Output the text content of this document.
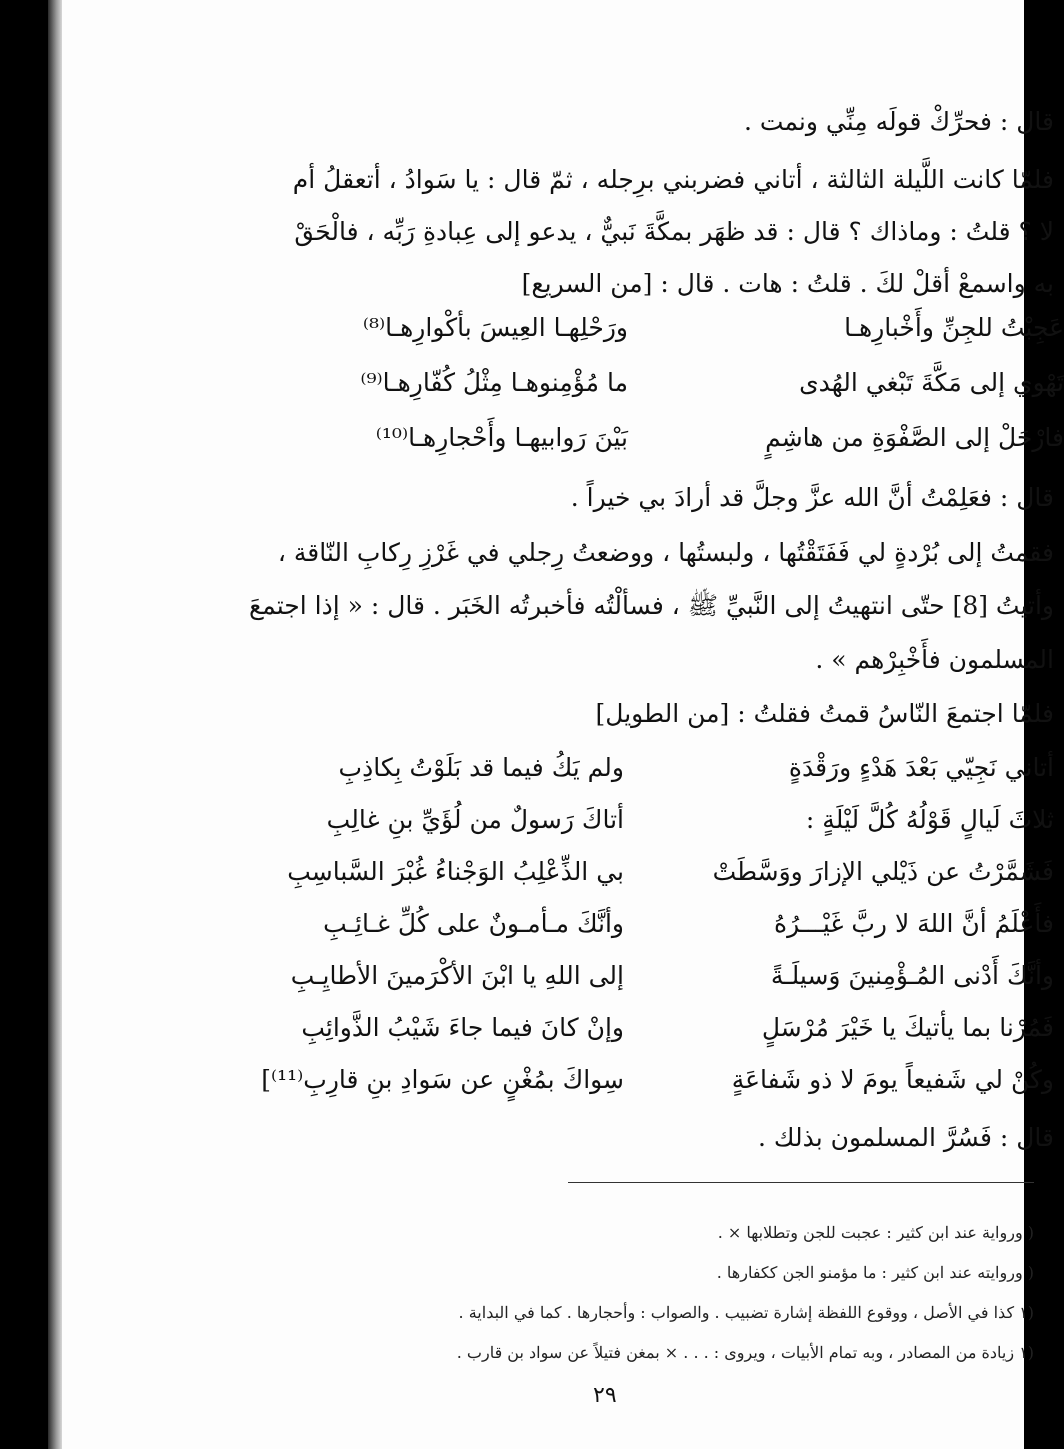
قال : فحرِّكْ قولَه مِنِّي ونمت .
فلمّا كانت اللَّيلة الثالثة ، أتاني فضربني برِجله ، ثمّ قال : يا سَوادُ ، أتعقلُ أم
لا ؟ قلتُ : وماذاك ؟ قال : قد ظهَر بمكَّةَ نَبيٌّ ، يدعو إلى عِبادةِ رَبِّه ، فالْحَقْ
به واسمعْ أقلْ لكَ . قلتُ : هات . قال : [من السريع]
عَجِبْتُ للجِنِّ وأَخْبارِهـا
ورَحْلِهـا العِيسَ بأكْوارِهـا⁽⁸⁾
تَهْوي إلى مَكَّةَ تَبْغي الهُدى
ما مُؤْمِنوهـا مِثْلُ كُفّارِهـا⁽⁹⁾
فارْحَلْ إلى الصَّفْوَةِ من هاشِمٍ
بَيْنَ رَوابيهـا وأَحْجارِهـا⁽¹⁰⁾
قال : فعَلِمْتُ أنَّ الله عزَّ وجلَّ قد أرادَ بي خيراً .
فقمتُ إلى بُرْدةٍ لي فَفَتَقْتُها ، ولبستُها ، ووضعتُ رِجلي في غَرْزِ رِكابِ النّاقة ،
وأتيتُ [8] حتّى انتهيتُ إلى النَّبيِّ ﷺ ، فسألْتُه فأخبرتُه الخَبَر . قال : « إذا اجتمعَ
المسلمون فأَخْبِرْهم » .
فلمّا اجتمعَ النّاسُ قمتُ فقلتُ : [من الطويل]
أتاني نَجِيّي بَعْدَ هَدْءٍ ورَقْدَةٍ
ولم يَكُ فيما قد بَلَوْتُ بِكاذِبِ
ثلاثَ لَيالٍ قَوْلُهُ كُلَّ لَيْلَةٍ :
أتاكَ رَسولٌ من لُؤَيِّ بنِ غالِبِ
فَشَمَّرْتُ عن ذَيْلي الإزارَ ووَسَّطَتْ
بي الذِّعْلِبُ الوَجْناءُ غُبْرَ السَّباسِبِ
فأَعْلَمُ أنَّ اللهَ لا ربَّ غَيْـــرُهُ
وأنَّكَ مـأمـونٌ على كُلِّ غـائِـبِ
وأنَّكَ أَدْنى المُـؤْمِنينَ وَسيلَـةً
إلى اللهِ يا ابْنَ الأكْرَمينَ الأطايِـبِ
فَمُرْنا بما يأتيكَ يا خَيْرَ مُرْسَلٍ
وإنْ كانَ فيما جاءَ شَيْبُ الذَّوائِبِ
وكُنْ لي شَفيعاً يومَ لا ذو شَفاعَةٍ
سِواكَ بمُغْنٍ عن سَوادِ بنِ قارِبِ⁽¹¹⁾]
قال : فَسُرَّ المسلمون بذلك .
( ورواية عند ابن كثير : عجبت للجن وتطلابها × .
( وروايته عند ابن كثير : ما مؤمنو الجن ككفارها .
(١ كذا في الأصل ، ووقوع اللفظة إشارة تضبيب . والصواب : وأحجارها . كما في البداية .
(١ زيادة من المصادر ، وبه تمام الأبيات ، ويروى : . . . × بمغن فتيلاً عن سواد بن قارب .
٢٩
